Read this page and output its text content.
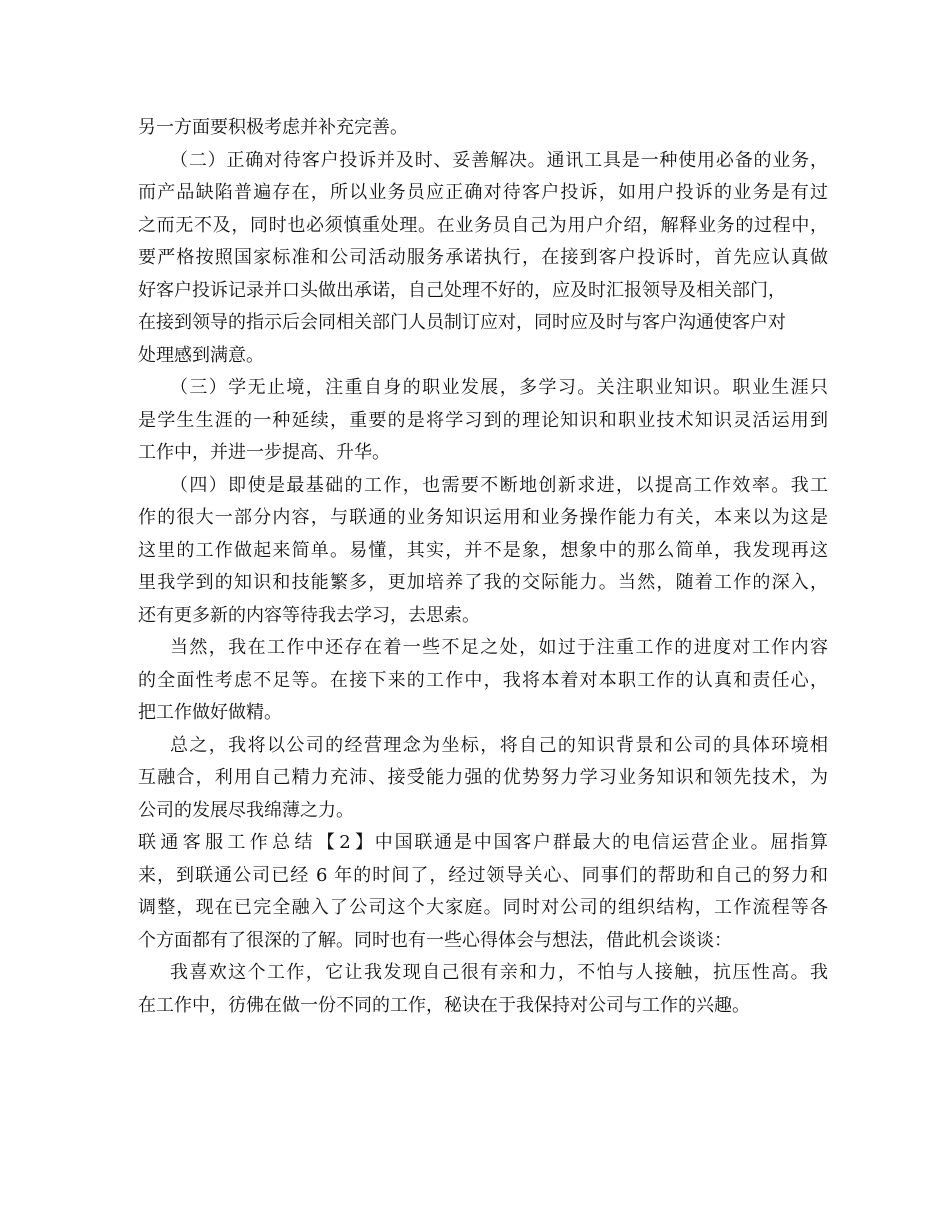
另一方面要积极考虑并补充完善。
（二）正确对待客户投诉并及时、妥善解决。通讯工具是一种使用必备的业务，
而产品缺陷普遍存在，所以业务员应正确对待客户投诉，如用户投诉的业务是有过
之而无不及，同时也必须慎重处理。在业务员自己为用户介绍，解释业务的过程中，
要严格按照国家标准和公司活动服务承诺执行，在接到客户投诉时，首先应认真做
好客户投诉记录并口头做出承诺，自己处理不好的，应及时汇报领导及相关部门，
在接到领导的指示后会同相关部门人员制订应对，同时应及时与客户沟通使客户对
处理感到满意。
（三）学无止境，注重自身的职业发展，多学习。关注职业知识。职业生涯只
是学生生涯的一种延续，重要的是将学习到的理论知识和职业技术知识灵活运用到
工作中，并进一步提高、升华。
（四）即使是最基础的工作，也需要不断地创新求进，以提高工作效率。我工
作的很大一部分内容，与联通的业务知识运用和业务操作能力有关，本来以为这是
这里的工作做起来简单。易懂，其实，并不是象，想象中的那么简单，我发现再这
里我学到的知识和技能繁多，更加培养了我的交际能力。当然，随着工作的深入，
还有更多新的内容等待我去学习，去思索。
当然，我在工作中还存在着一些不足之处，如过于注重工作的进度对工作内容
的全面性考虑不足等。在接下来的工作中，我将本着对本职工作的认真和责任心，
把工作做好做精。
总之，我将以公司的经营理念为坐标，将自己的知识背景和公司的具体环境相
互融合，利用自己精力充沛、接受能力强的优势努力学习业务知识和领先技术，为
公司的发展尽我绵薄之力。
联通客服工作总结【2】中国联通是中国客户群最大的电信运营企业。屈指算
来，到联通公司已经 6 年的时间了，经过领导关心、同事们的帮助和自己的努力和
调整，现在已完全融入了公司这个大家庭。同时对公司的组织结构，工作流程等各
个方面都有了很深的了解。同时也有一些心得体会与想法，借此机会谈谈：
我喜欢这个工作，它让我发现自己很有亲和力，不怕与人接触，抗压性高。我
在工作中，彷佛在做一份不同的工作，秘诀在于我保持对公司与工作的兴趣。
